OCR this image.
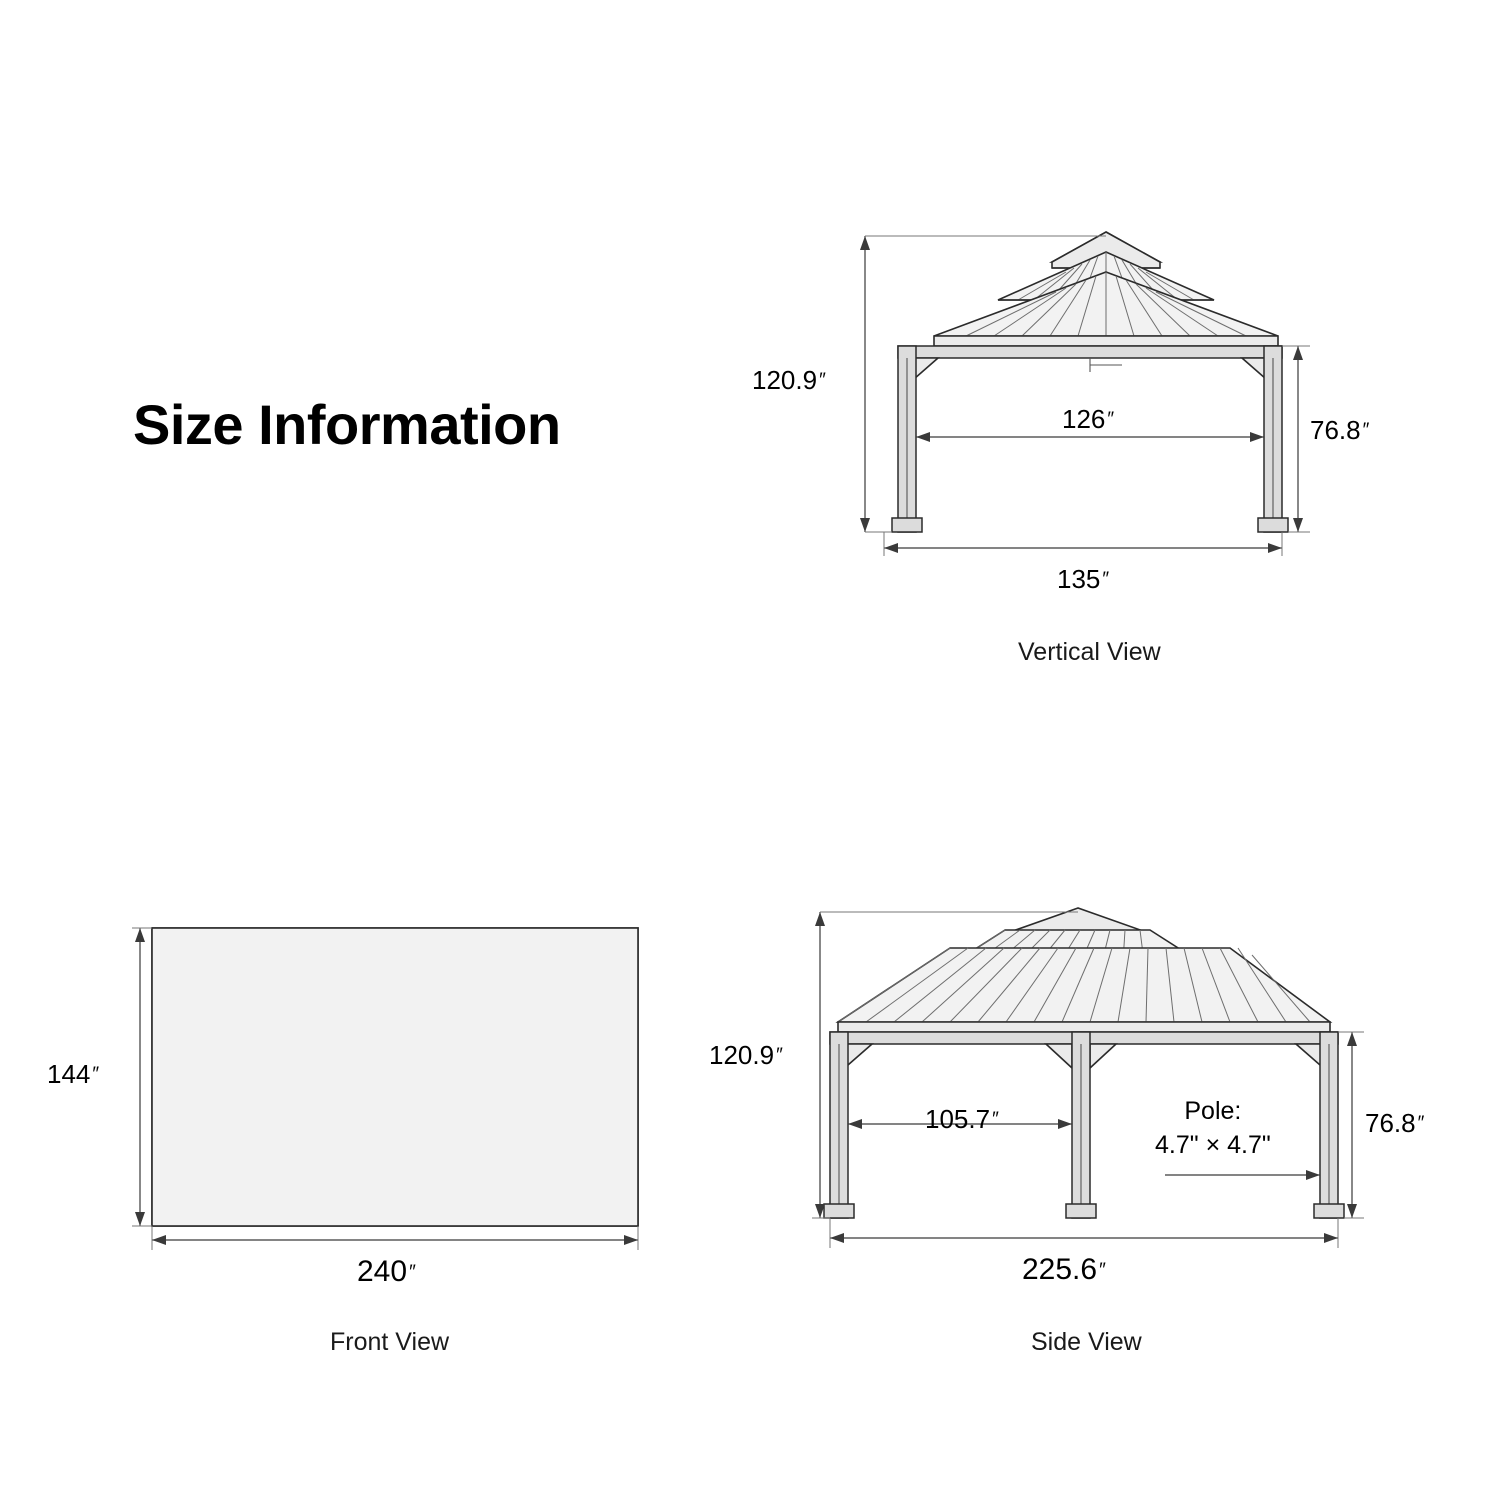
Size Information
120.9 ″
126 ″	76.8 ″
135 ″
Vertical View
144 ″
240 ″
Front View
120.9 ″
105.7 ″	Pole:
4.7" × 4.7"
76.8 ″
225.6 ″
Side View
